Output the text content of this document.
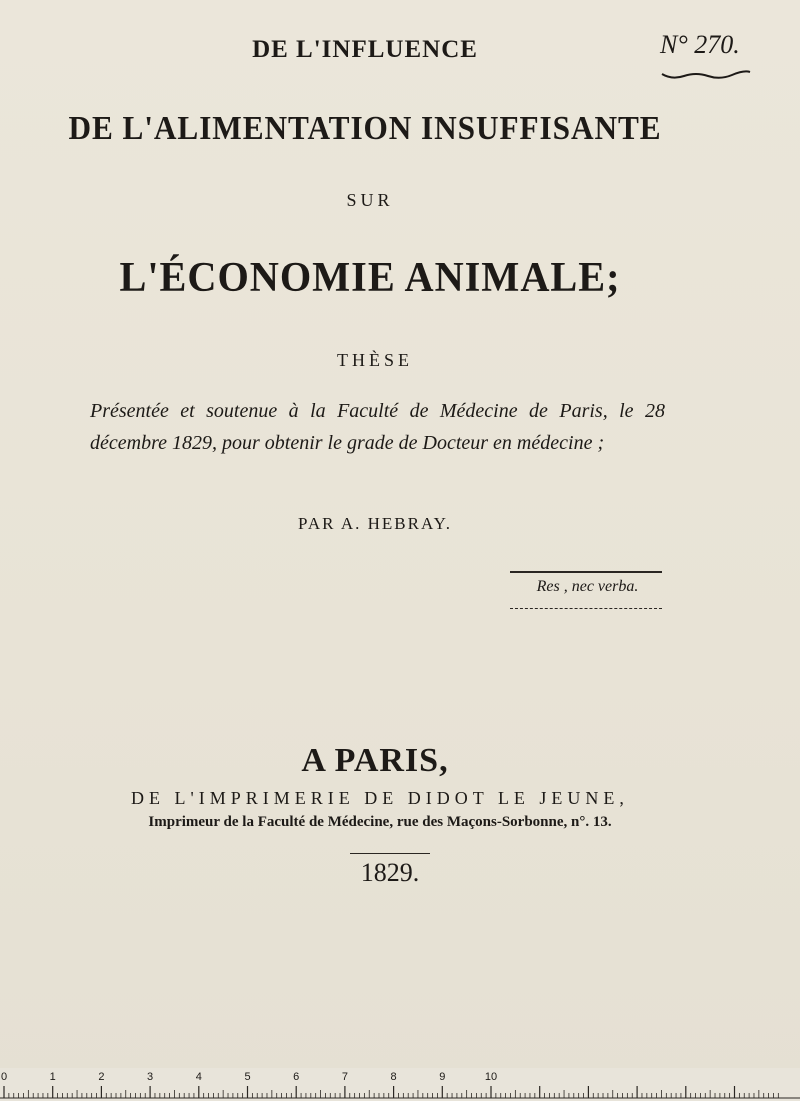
N° 270.
DE L'INFLUENCE
DE L'ALIMENTATION INSUFFISANTE
SUR
L'ÉCONOMIE ANIMALE;
THÈSE
Présentée et soutenue à la Faculté de Médecine de Paris, le 28 décembre 1829, pour obtenir le grade de Docteur en médecine ;
PAR A. HEBRAY.
Res , nec verba.
A PARIS,
DE L'IMPRIMERIE DE DIDOT LE JEUNE,
Imprimeur de la Faculté de Médecine, rue des Maçons-Sorbonne, n°. 13.
1829.
0	1	2	3	4	5	6	7	8	9	10
